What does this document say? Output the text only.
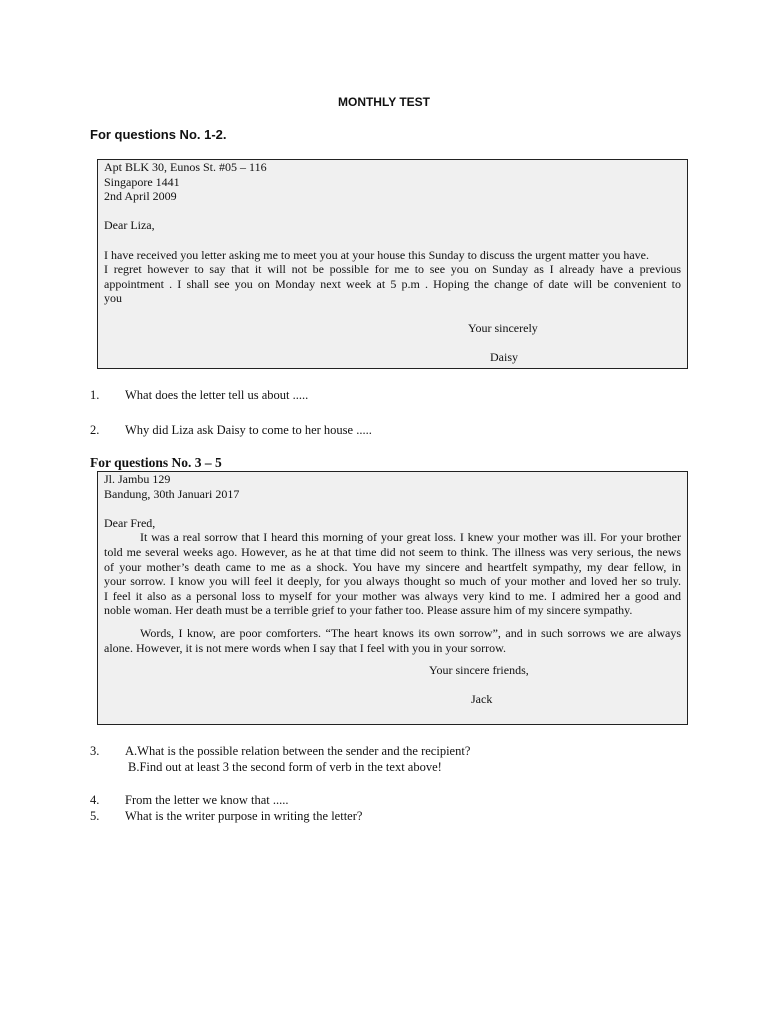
MONTHLY TEST
For questions No. 1-2.
Apt BLK 30, Eunos St. #05 – 116
Singapore 1441
2nd April 2009
Dear Liza,
I have received you letter asking me to meet you at your house this Sunday to discuss the urgent matter you have.
I regret however to say that it will not be possible for me to see you on Sunday as I already have a previous
appointment . I shall see you on Monday next week at 5 p.m . Hoping the change of date will be convenient to
you
Your sincerely
Daisy
1. What does the letter tell us about .....
2. Why did Liza ask Daisy to come to her house .....
For questions No. 3 – 5
Jl. Jambu 129
Bandung, 30th Januari 2017
Dear Fred,
It was a real sorrow that I heard this morning of your great loss. I knew your mother was ill. For your brother
told me several weeks ago. However, as he at that time did not seem to think. The illness was very serious, the news
of your mother’s death came to me as a shock. You have my sincere and heartfelt sympathy, my dear fellow, in
your sorrow. I know you will feel it deeply, for you always thought so much of your mother and loved her so truly.
I feel it also as a personal loss to myself for your mother was always very kind to me. I admired her a good and
noble woman. Her death must be a terrible grief to your father too. Please assure him of my sincere sympathy.
Words, I know, are poor comforters. “The heart knows its own sorrow”, and in such sorrows we are always
alone. However, it is not mere words when I say that I feel with you in your sorrow.
Your sincere friends,
Jack
3. A.What is the possible relation between the sender and the recipient?
B.Find out at least 3 the second form of verb in the text above!
4. From the letter we know that .....
5. What is the writer purpose in writing the letter?
